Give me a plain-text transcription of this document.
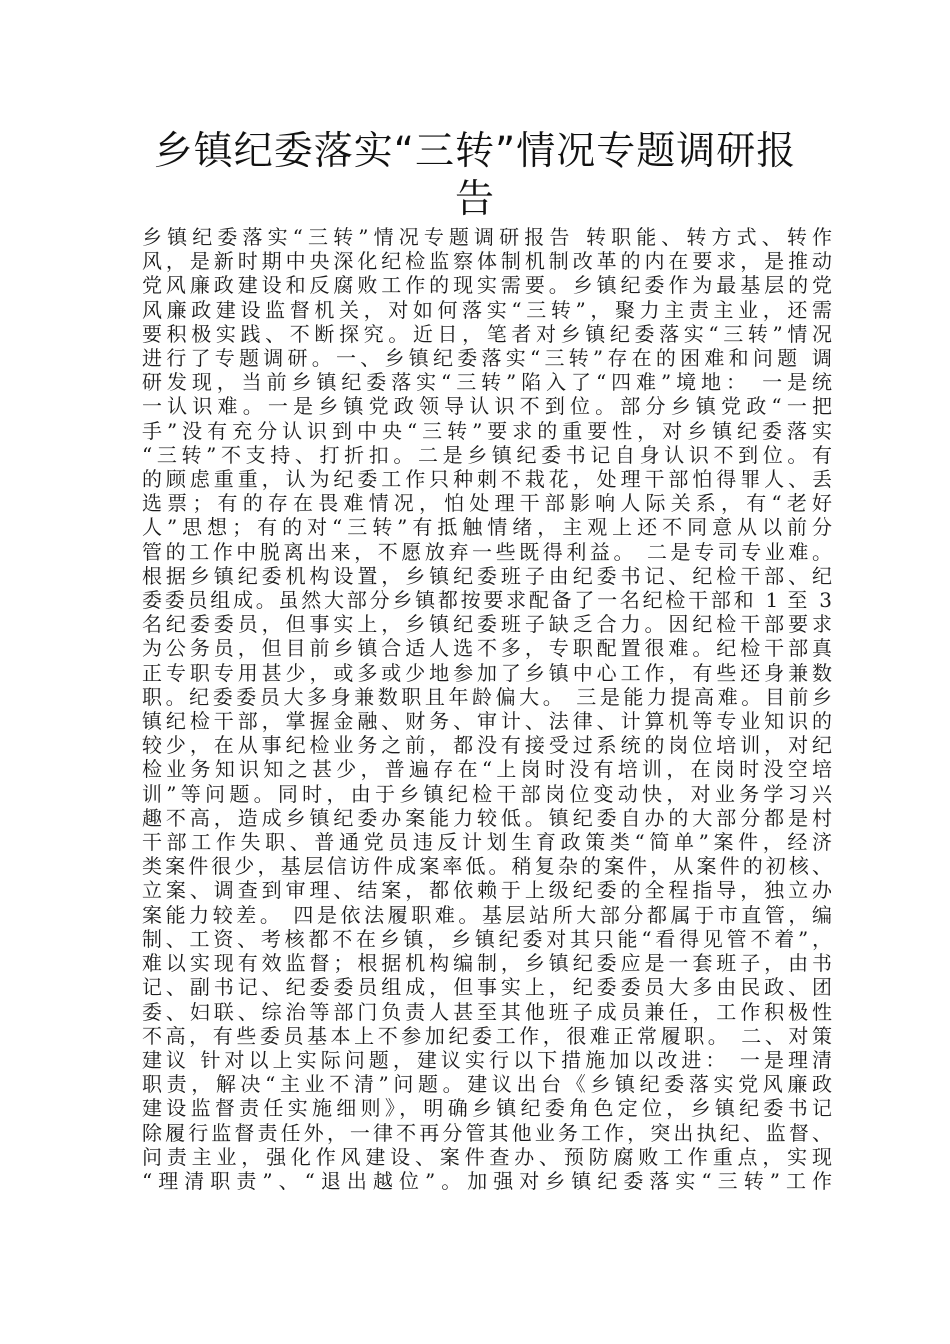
乡镇纪委落实“三转”情况专题调研报
告
乡镇纪委落实“三转”情况专题调研报告 转职能、转方式、转作
风，是新时期中央深化纪检监察体制机制改革的内在要求，是推动
党风廉政建设和反腐败工作的现实需要。乡镇纪委作为最基层的党
风廉政建设监督机关，对如何落实“三转”，聚力主责主业，还需
要积极实践、不断探究。近日，笔者对乡镇纪委落实“三转”情况
进行了专题调研。一、乡镇纪委落实“三转”存在的困难和问题 调
研发现，当前乡镇纪委落实“三转”陷入了“四难”境地： 一是统
一认识难。一是乡镇党政领导认识不到位。部分乡镇党政“一把
手”没有充分认识到中央“三转”要求的重要性，对乡镇纪委落实
“三转”不支持、打折扣。二是乡镇纪委书记自身认识不到位。有
的顾虑重重，认为纪委工作只种刺不栽花，处理干部怕得罪人、丢
选票；有的存在畏难情况，怕处理干部影响人际关系，有“老好
人”思想；有的对“三转”有抵触情绪，主观上还不同意从以前分
管的工作中脱离出来，不愿放弃一些既得利益。 二是专司专业难。
根据乡镇纪委机构设置，乡镇纪委班子由纪委书记、纪检干部、纪
委委员组成。虽然大部分乡镇都按要求配备了一名纪检干部和 1 至 3
名纪委委员，但事实上，乡镇纪委班子缺乏合力。因纪检干部要求
为公务员，但目前乡镇合适人选不多，专职配置很难。纪检干部真
正专职专用甚少，或多或少地参加了乡镇中心工作，有些还身兼数
职。纪委委员大多身兼数职且年龄偏大。 三是能力提高难。目前乡
镇纪检干部，掌握金融、财务、审计、法律、计算机等专业知识的
较少，在从事纪检业务之前，都没有接受过系统的岗位培训，对纪
检业务知识知之甚少，普遍存在“上岗时没有培训，在岗时没空培
训”等问题。同时，由于乡镇纪检干部岗位变动快，对业务学习兴
趣不高，造成乡镇纪委办案能力较低。镇纪委自办的大部分都是村
干部工作失职、普通党员违反计划生育政策类“简单”案件，经济
类案件很少，基层信访件成案率低。稍复杂的案件，从案件的初核、
立案、调查到审理、结案，都依赖于上级纪委的全程指导，独立办
案能力较差。 四是依法履职难。基层站所大部分都属于市直管，编
制、工资、考核都不在乡镇，乡镇纪委对其只能“看得见管不着”，
难以实现有效监督；根据机构编制，乡镇纪委应是一套班子，由书
记、副书记、纪委委员组成，但事实上，纪委委员大多由民政、团
委、妇联、综治等部门负责人甚至其他班子成员兼任，工作积极性
不高，有些委员基本上不参加纪委工作，很难正常履职。 二、对策
建议 针对以上实际问题，建议实行以下措施加以改进： 一是理清
职责，解决“主业不清”问题。建议出台《乡镇纪委落实党风廉政
建设监督责任实施细则》，明确乡镇纪委角色定位，乡镇纪委书记
除履行监督责任外，一律不再分管其他业务工作，突出执纪、监督、
问责主业，强化作风建设、案件查办、预防腐败工作重点，实现
“理清职责”、“退出越位”。加强对乡镇纪委落实“三转”工作
